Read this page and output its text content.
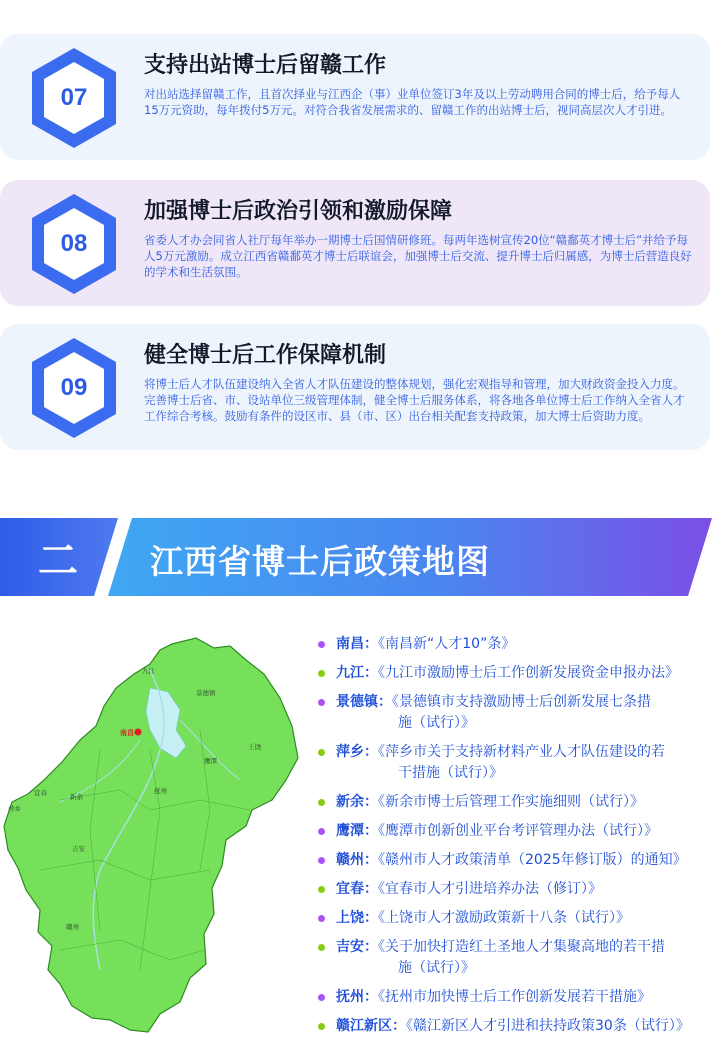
07
支持出站博士后留赣工作
对出站选择留赣工作，且首次择业与江西企（事）业单位签订3年及以上劳动聘用合同的博士后，给予每人15万元资助，每年拨付5万元。对符合我省发展需求的、留赣工作的出站博士后，视同高层次人才引进。
08
加强博士后政治引领和激励保障
省委人才办会同省人社厅每年举办一期博士后国情研修班。每两年选树宣传20位“赣鄱英才博士后”并给予每人5万元激励。成立江西省赣鄱英才博士后联谊会，加强博士后交流、提升博士后归属感，为博士后营造良好的学术和生活氛围。
09
健全博士后工作保障机制
将博士后人才队伍建设纳入全省人才队伍建设的整体规划，强化宏观指导和管理，加大财政资金投入力度。完善博士后省、市、设站单位三级管理体制，健全博士后服务体系，将各地各单位博士后工作纳入全省人才工作综合考核。鼓励有条件的设区市、县（市、区）出台相关配套支持政策，加大博士后资助力度。
二	江西省博士后政策地图
九江
景德镇
南昌
上饶
鹰潭
抚州
宜春	新余
萍乡
吉安
赣州
南昌：《南昌新“人才10”条》
九江：《九江市激励博士后工作创新发展资金申报办法》
景德镇：《景德镇市支持激励博士后创新发展七条措
施（试行）》
萍乡：《萍乡市关于支持新材料产业人才队伍建设的若
干措施（试行）》
新余：《新余市博士后管理工作实施细则（试行）》
鹰潭：《鹰潭市创新创业平台考评管理办法（试行）》
赣州：《赣州市人才政策清单（2025年修订版）的通知》
宜春：《宜春市人才引进培养办法（修订）》
上饶：《上饶市人才激励政策新十八条（试行）》
吉安：《关于加快打造红土圣地人才集聚高地的若干措
施（试行）》
抚州：《抚州市加快博士后工作创新发展若干措施》
赣江新区：《赣江新区人才引进和扶持政策30条（试行）》
